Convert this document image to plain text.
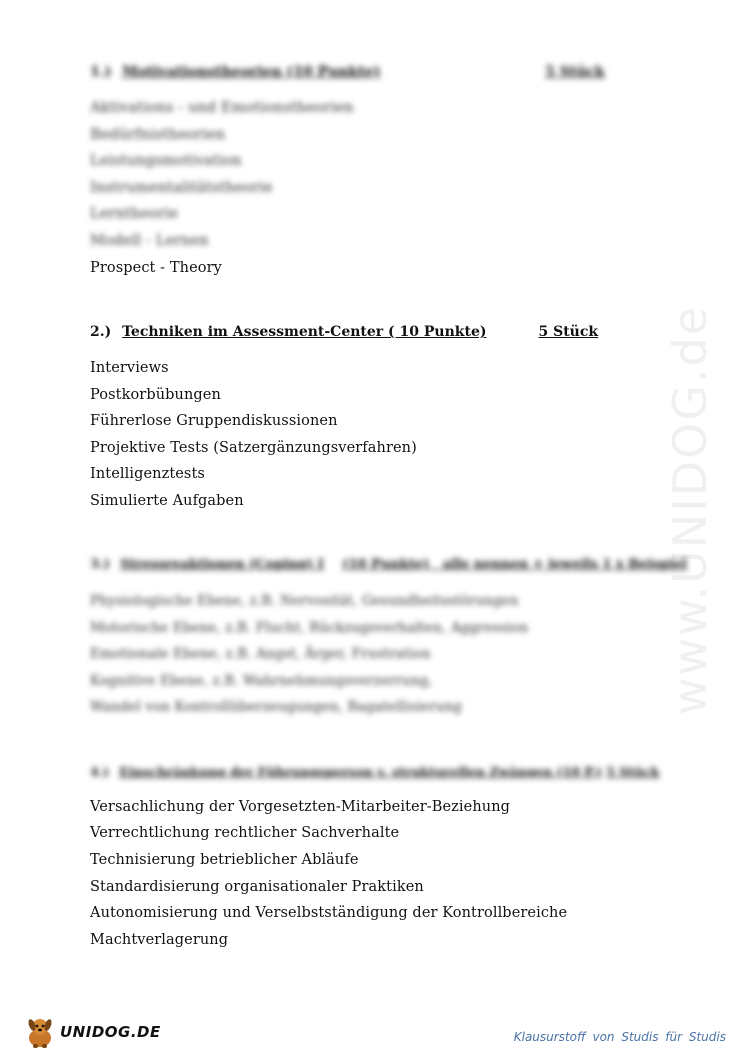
www.UNIDOG.de
1.) Motivationstheorien (10 Punkte)	5 Stück
Aktivations - und Emotionstheorien
Bedürfnistheorien
Leistungsmotivation
Instrumentalitätstheorie
Lerntheorie
Modell - Lernen
Prospect - Theory
2.) Techniken im Assessment-Center ( 10 Punkte)	5 Stück
Interviews
Postkorbübungen
Führerlose Gruppendiskussionen
Projektive Tests (Satzergänzungsverfahren)
Intelligenztests
Simulierte Aufgaben
3.) Stressreaktionen (Coping) I (10 Punkte)   alle nennen + jeweils 1 x Beispiel
Physiologische Ebene, z.B. Nervosität, Gesundheitsstörungen
Motorische Ebene, z.B. Flucht, Rückzugsverhalten, Aggression
Emotionale Ebene, z.B. Angst, Ärger, Frustration
Kognitive Ebene, z.B. Wahrnehmungsverzerrung,
Wandel von Kontrollüberzeugungen, Bagatellisierung
4.) Einschränkung der Führungsperson v. strukturellen Zwängen (10 P.) 5 Stück
Versachlichung der Vorgesetzten-Mitarbeiter-Beziehung
Verrechtlichung rechtlicher Sachverhalte
Technisierung betrieblicher Abläufe
Standardisierung organisationaler Praktiken
Autonomisierung und Verselbstständigung der Kontrollbereiche
Machtverlagerung
UNIDOG.DE	Klausurstoff von Studis für Studis
